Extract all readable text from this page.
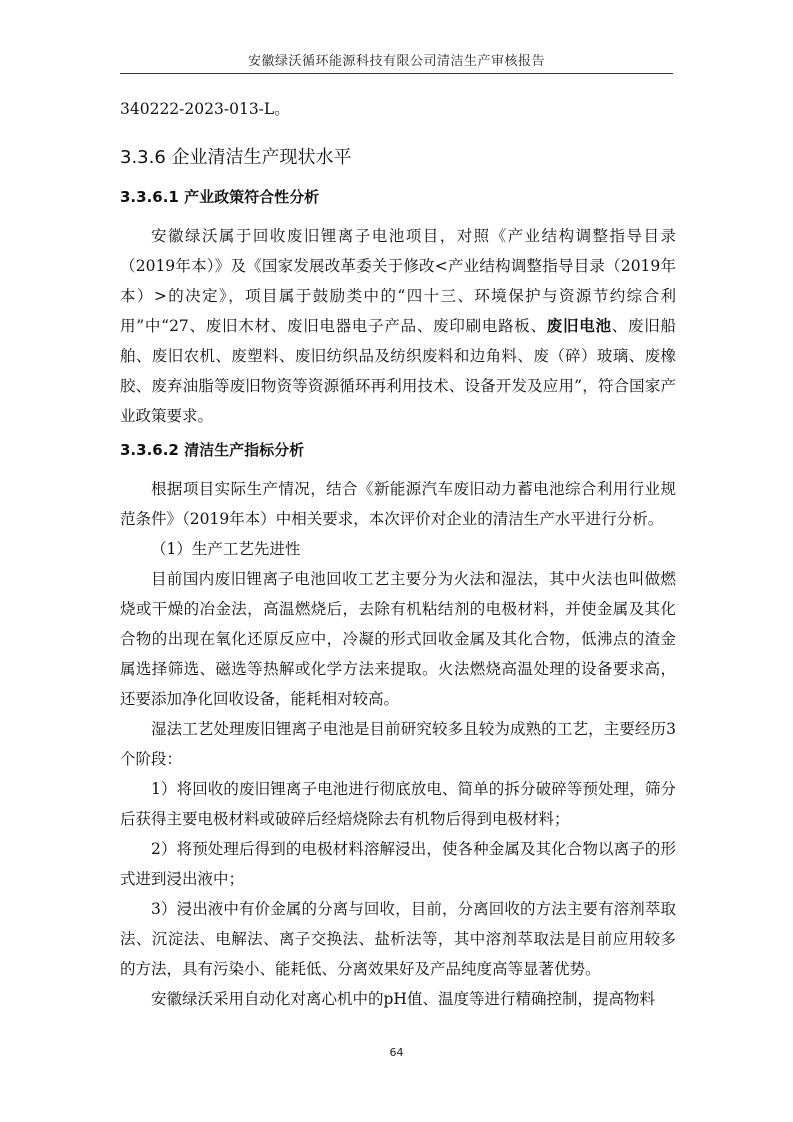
安徽绿沃循环能源科技有限公司清洁生产审核报告

340222-2023-013-L。

3.3.6 企业清洁生产现状水平
3.3.6.1 产业政策符合性分析

安徽绿沃属于回收废旧锂离子电池项目，对照《产业结构调整指导目录（2019年本）》及《国家发展改革委关于修改<产业结构调整指导目录（2019年本）>的决定》，项目属于鼓励类中的“四十三、环境保护与资源节约综合利用”中“27、废旧木材、废旧电器电子产品、废印刷电路板、废旧电池、废旧船舶、废旧农机、废塑料、废旧纺织品及纺织废料和边角料、废（碎）玻璃、废橡胶、废弃油脂等废旧物资等资源循环再利用技术、设备开发及应用”，符合国家产业政策要求。

3.3.6.2 清洁生产指标分析

根据项目实际生产情况，结合《新能源汽车废旧动力蓄电池综合利用行业规范条件》（2019年本）中相关要求，本次评价对企业的清洁生产水平进行分析。

（1）生产工艺先进性

目前国内废旧锂离子电池回收工艺主要分为火法和湿法，其中火法也叫做燃烧或干燥的冶金法，高温燃烧后，去除有机粘结剂的电极材料，并使金属及其化合物的出现在氧化还原反应中，冷凝的形式回收金属及其化合物，低沸点的渣金属选择筛选、磁选等热解或化学方法来提取。火法燃烧高温处理的设备要求高，还要添加净化回收设备，能耗相对较高。

湿法工艺处理废旧锂离子电池是目前研究较多且较为成熟的工艺，主要经历3个阶段：

1）将回收的废旧锂离子电池进行彻底放电、简单的拆分破碎等预处理，筛分后获得主要电极材料或破碎后经焙烧除去有机物后得到电极材料；

2）将预处理后得到的电极材料溶解浸出，使各种金属及其化合物以离子的形式进到浸出液中；

3）浸出液中有价金属的分离与回收，目前，分离回收的方法主要有溶剂萃取法、沉淀法、电解法、离子交换法、盐析法等，其中溶剂萃取法是目前应用较多的方法，具有污染小、能耗低、分离效果好及产品纯度高等显著优势。

安徽绿沃采用自动化对离心机中的pH值、温度等进行精确控制，提高物料

64
